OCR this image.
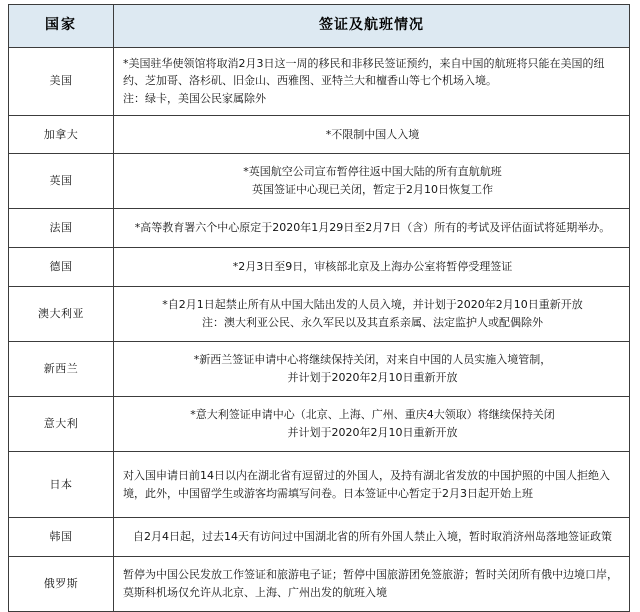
国家	签证及航班情况
美国	*美国驻华使领馆将取消2月3日这一周的移民和非移民签证预约，来自中国的航班将只能在美国的纽约、芝加哥、洛杉矶、旧金山、西雅图、亚特兰大和檀香山等七个机场入境。
注：绿卡，美国公民家属除外

加拿大	*不限制中国人入境

英国	*英国航空公司宣布暂停往返中国大陆的所有直航航班
英国签证中心现已关闭，暂定于2月10日恢复工作

法国	*高等教育署六个中心原定于2020年1月29日至2月7日（含）所有的考试及评估面试将延期举办。

德国	*2月3日至9日，审核部北京及上海办公室将暂停受理签证

澳大利亚	*自2月1日起禁止所有从中国大陆出发的人员入境，并计划于2020年2月10日重新开放
注：澳大利亚公民、永久军民以及其直系亲属、法定监护人或配偶除外

新西兰	*新西兰签证申请中心将继续保持关闭，对来自中国的人员实施入境管制，
并计划于2020年2月10日重新开放

意大利	*意大利签证申请中心（北京、上海、广州、重庆4大领取）将继续保持关闭
并计划于2020年2月10日重新开放

日本	对入国申请日前14日以内在湖北省有逗留过的外国人，及持有湖北省发放的中国护照的中国人拒绝入境，此外，中国留学生或游客均需填写问卷。日本签证中心暂定于2月3日起开始上班

韩国	自2月4日起，过去14天有访问过中国湖北省的所有外国人禁止入境，暂时取消济州岛落地签证政策

俄罗斯	暂停为中国公民发放工作签证和旅游电子证；暂停中国旅游团免签旅游；暂时关闭所有俄中边境口岸，莫斯科机场仅允许从北京、上海、广州出发的航班入境
